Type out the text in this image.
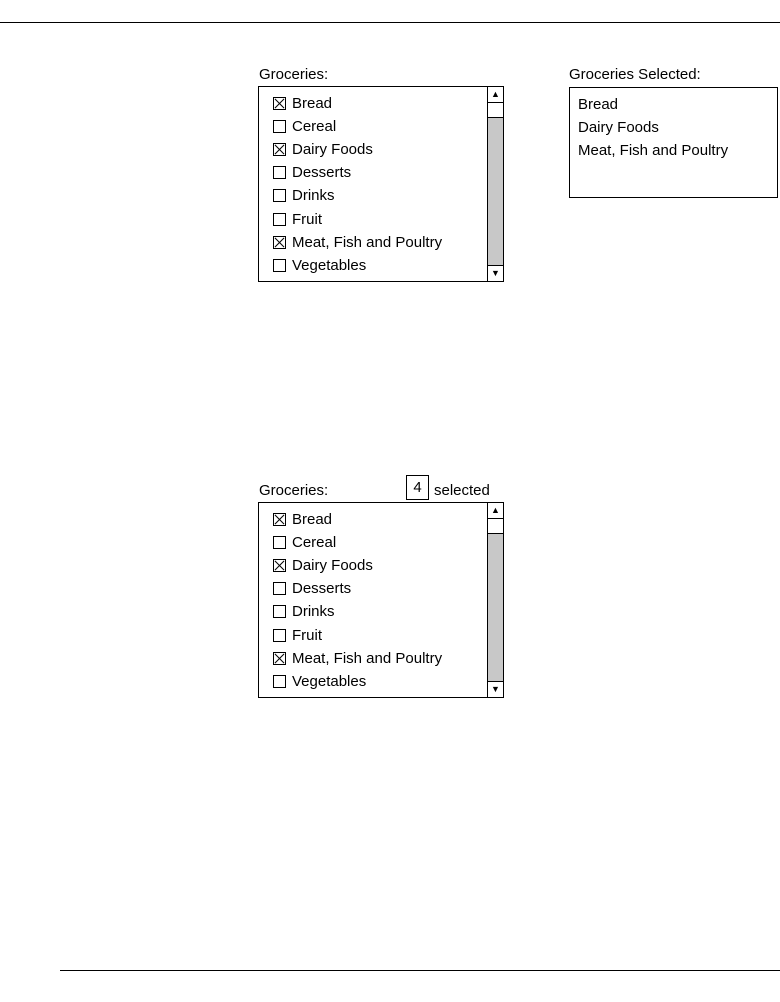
Groceries:
Bread
Cereal
Dairy Foods
Desserts
Drinks
Fruit
Meat, Fish and Poultry
Vegetables
▲
▼
Groceries Selected:
Bread
Dairy Foods
Meat, Fish and Poultry
Groceries:	4 selected
Bread
Cereal
Dairy Foods
Desserts
Drinks
Fruit
Meat, Fish and Poultry
Vegetables
▲
▼
